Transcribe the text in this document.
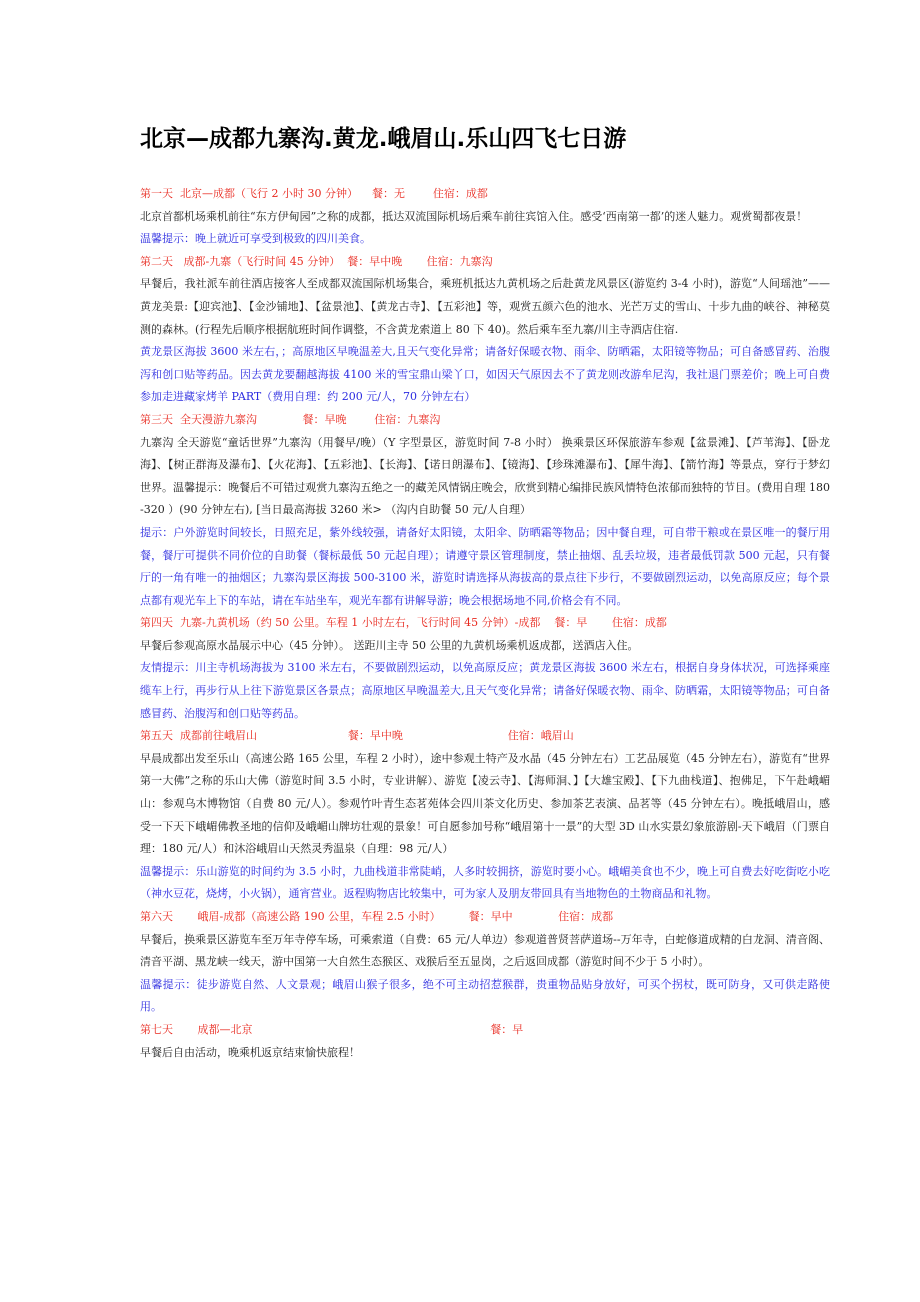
北京—成都九寨沟.黄龙.峨眉山.乐山四飞七日游

第一天  北京—成都（飞行 2 小时 30 分钟）    餐：无        住宿：成都

北京首都机场乘机前往“东方伊甸园”之称的成都，抵达双流国际机场后乘车前往宾馆入住。感受‘西南第一都’的迷人魅力。观赏蜀都夜景！

温馨提示：晚上就近可享受到极致的四川美食。

第二天   成都-九寨（飞行时间 45 分钟）  餐：早中晚       住宿：九寨沟

早餐后，我社派车前往酒店接客人至成都双流国际机场集合，乘班机抵达九黄机场之后赴黄龙风景区(游览约 3-4 小时)，游览“人间瑶池”——黄龙美景:【迎宾池】、【金沙铺地】、【盆景池】、【黄龙古寺】、【五彩池】等，观赏五颜六色的池水、光芒万丈的雪山、十步九曲的峡谷、神秘莫测的森林。(行程先后顺序根据航班时间作调整，不含黄龙索道上 80 下 40)。然后乘车至九寨/川主寺酒店住宿.

黄龙景区海拔 3600 米左右，；高原地区早晚温差大,且天气变化异常；请备好保暖衣物、雨伞、防晒霜，太阳镜等物品；可自备感冒药、治腹泻和创口贴等药品。因去黄龙要翻越海拔 4100 米的雪宝鼎山梁丫口，如因天气原因去不了黄龙则改游牟尼沟，我社退门票差价；晚上可自费参加走进藏家烤羊 PART（费用自理：约 200 元/人，70 分钟左右）

第三天  全天漫游九寨沟             餐：早晚        住宿：九寨沟

九寨沟 全天游览“童话世界”九寨沟（用餐早/晚）（Y 字型景区，游览时间 7-8 小时） 换乘景区环保旅游车参观【盆景滩】、【芦苇海】、【卧龙海】、【树正群海及瀑布】、【火花海】、【五彩池】、【长海】、【诺日朗瀑布】、【镜海】、【珍珠滩瀑布】、【犀牛海】、【箭竹海】等景点，穿行于梦幻世界。温馨提示：晚餐后不可错过观赏九寨沟五绝之一的藏羌风情锅庄晚会，欣赏到精心编排民族风情特色浓郁而独特的节目。(费用自理 180-320 ）(90 分钟左右), [当日最高海拔 3260 米> （沟内自助餐 50 元/人自理）

提示：户外游览时间较长，日照充足，紫外线较强，请备好太阳镜，太阳伞、防晒霜等物品；因中餐自理，可自带干粮或在景区唯一的餐厅用餐，餐厅可提供不同价位的自助餐（餐标最低 50 元起自理）；请遵守景区管理制度，禁止抽烟、乱丢垃圾，违者最低罚款 500 元起，只有餐厅的一角有唯一的抽烟区；九寨沟景区海拔 500-3100 米，游览时请选择从海拔高的景点往下步行，不要做剧烈运动，以免高原反应；每个景点都有观光车上下的车站，请在车站坐车，观光车都有讲解导游；晚会根据场地不同,价格会有不同。

第四天  九寨-九黄机场（约 50 公里。车程 1 小时左右，飞行时间 45 分钟）-成都    餐：早       住宿：成都

早餐后参观高原水晶展示中心（45 分钟）。 送距川主寺 50 公里的九黄机场乘机返成都，送酒店入住。

友情提示：川主寺机场海拔为 3100 米左右，不要做剧烈运动，以免高原反应；黄龙景区海拔 3600 米左右，根据自身身体状况，可选择乘座缆车上行，再步行从上往下游览景区各景点；高原地区早晚温差大,且天气变化异常；请备好保暖衣物、雨伞、防晒霜，太阳镜等物品；可自备感冒药、治腹泻和创口贴等药品。

第五天  成都前往峨眉山                          餐：早中晚                              住宿：峨眉山

早晨成都出发至乐山（高速公路 165 公里，车程 2 小时），途中参观土特产及水晶（45 分钟左右）工艺品展览（45 分钟左右），游览有“世界第一大佛”之称的乐山大佛（游览时间 3.5 小时，专业讲解）、游览【凌云寺】、【海师洞、】【大雄宝殿】、【下九曲栈道】、抱佛足，下午赴峨嵋山：参观乌木博物馆（自费 80 元/人）。参观竹叶青生态茗苑体会四川茶文化历史、参加茶艺表演、品茗等（45 分钟左右）。晚抵峨眉山，感受一下天下峨嵋佛教圣地的信仰及峨嵋山牌坊壮观的景象！可自愿参加号称“峨眉第十一景”的大型 3D 山水实景幻象旅游剧-天下峨眉（门票自理：180 元/人）和沐浴峨眉山天然灵秀温泉（自理：98 元/人）

温馨提示：乐山游览的时间约为 3.5 小时，九曲栈道非常陡峭，人多时较拥挤，游览时要小心。峨嵋美食也不少，晚上可自费去好吃街吃小吃（神水豆花，烧烤，小火锅），通宵营业。返程购物店比较集中，可为家人及朋友带回具有当地物色的土物商品和礼物。

第六天       峨眉-成都（高速公路 190 公里，车程 2.5 小时）        餐：早中             住宿：成都

早餐后，换乘景区游览车至万年寺停车场，可乘索道（自费：65 元/人单边）参观道普贤菩萨道场--万年寺，白蛇修道成精的白龙洞、清音阁、清音平湖、黑龙峡一线天，游中国第一大自然生态猴区、戏猴后至五显岗，之后返回成都（游览时间不少于 5 小时）。

温馨提示：徒步游览自然、人文景观；峨眉山猴子很多，绝不可主动招惹猴群，贵重物品贴身放好，可买个拐杖，既可防身，又可供走路使用。

第七天       成都—北京                                                                    餐：早

早餐后自由活动，晚乘机返京结束愉快旅程！
